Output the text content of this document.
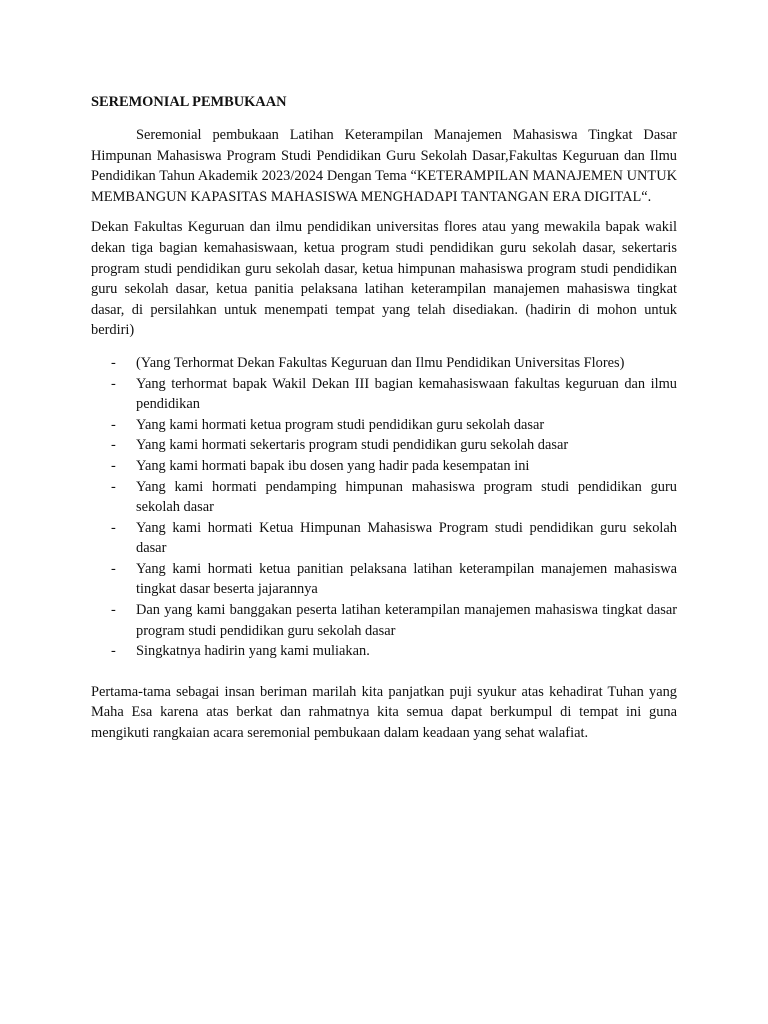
SEREMONIAL PEMBUKAAN

Seremonial pembukaan Latihan Keterampilan Manajemen Mahasiswa Tingkat Dasar Himpunan Mahasiswa Program Studi Pendidikan Guru Sekolah Dasar,Fakultas Keguruan dan Ilmu Pendidikan Tahun Akademik 2023/2024 Dengan Tema “KETERAMPILAN MANAJEMEN UNTUK MEMBANGUN KAPASITAS MAHASISWA MENGHADAPI TANTANGAN ERA DIGITAL“.

Dekan Fakultas Keguruan dan ilmu pendidikan universitas flores atau yang mewakila bapak wakil dekan tiga bagian kemahasiswaan, ketua program studi pendidikan guru sekolah dasar, sekertaris program studi pendidikan guru sekolah dasar, ketua himpunan mahasiswa program studi pendidikan guru sekolah dasar, ketua panitia pelaksana latihan keterampilan manajemen mahasiswa tingkat dasar, di persilahkan untuk menempati tempat yang telah disediakan. (hadirin di mohon untuk berdiri)

- (Yang Terhormat Dekan Fakultas Keguruan dan Ilmu Pendidikan Universitas Flores)
- Yang terhormat bapak Wakil Dekan III bagian kemahasiswaan fakultas keguruan dan ilmu pendidikan
- Yang kami hormati ketua program studi pendidikan guru sekolah dasar
- Yang kami hormati sekertaris program studi pendidikan guru sekolah dasar
- Yang kami hormati bapak ibu dosen yang hadir pada kesempatan ini
- Yang kami hormati pendamping himpunan mahasiswa program studi pendidikan guru sekolah dasar
- Yang kami hormati Ketua Himpunan Mahasiswa Program studi pendidikan guru sekolah dasar
- Yang kami hormati ketua panitian pelaksana latihan keterampilan manajemen mahasiswa tingkat dasar beserta jajarannya
- Dan yang kami banggakan peserta latihan keterampilan manajemen mahasiswa tingkat dasar program studi pendidikan guru sekolah dasar
- Singkatnya hadirin yang kami muliakan.

Pertama-tama sebagai insan beriman marilah kita panjatkan puji syukur atas kehadirat Tuhan yang Maha Esa karena atas berkat dan rahmatnya kita semua dapat berkumpul di tempat ini guna mengikuti rangkaian acara seremonial pembukaan dalam keadaan yang sehat walafiat.
